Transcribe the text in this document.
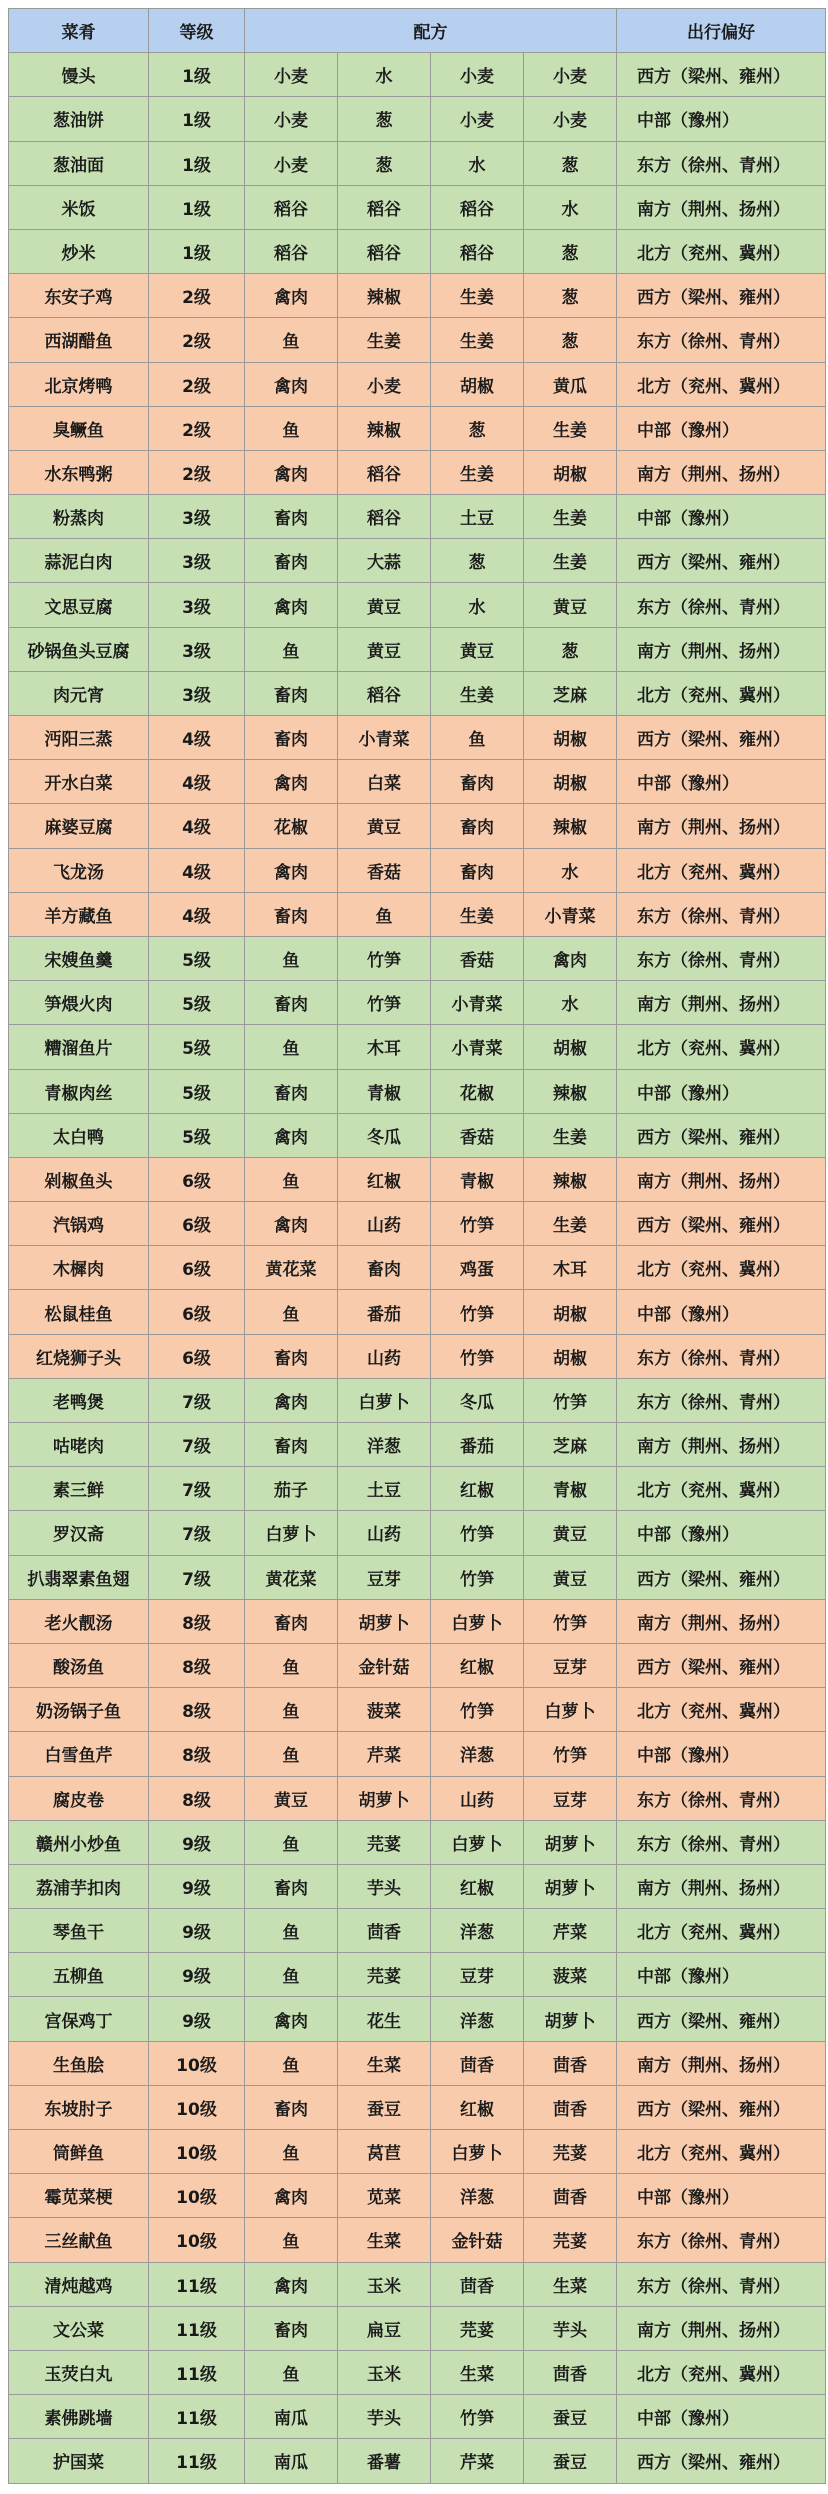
菜肴	等级	配方	出行偏好
馒头	1级	小麦	水	小麦	小麦	西方（梁州、雍州）
葱油饼	1级	小麦	葱	小麦	小麦	中部（豫州）
葱油面	1级	小麦	葱	水	葱	东方（徐州、青州）
米饭	1级	稻谷	稻谷	稻谷	水	南方（荆州、扬州）
炒米	1级	稻谷	稻谷	稻谷	葱	北方（兖州、冀州）
东安子鸡	2级	禽肉	辣椒	生姜	葱	西方（梁州、雍州）
西湖醋鱼	2级	鱼	生姜	生姜	葱	东方（徐州、青州）
北京烤鸭	2级	禽肉	小麦	胡椒	黄瓜	北方（兖州、冀州）
臭鳜鱼	2级	鱼	辣椒	葱	生姜	中部（豫州）
水东鸭粥	2级	禽肉	稻谷	生姜	胡椒	南方（荆州、扬州）
粉蒸肉	3级	畜肉	稻谷	土豆	生姜	中部（豫州）
蒜泥白肉	3级	畜肉	大蒜	葱	生姜	西方（梁州、雍州）
文思豆腐	3级	禽肉	黄豆	水	黄豆	东方（徐州、青州）
砂锅鱼头豆腐	3级	鱼	黄豆	黄豆	葱	南方（荆州、扬州）
肉元宵	3级	畜肉	稻谷	生姜	芝麻	北方（兖州、冀州）
沔阳三蒸	4级	畜肉	小青菜	鱼	胡椒	西方（梁州、雍州）
开水白菜	4级	禽肉	白菜	畜肉	胡椒	中部（豫州）
麻婆豆腐	4级	花椒	黄豆	畜肉	辣椒	南方（荆州、扬州）
飞龙汤	4级	禽肉	香菇	畜肉	水	北方（兖州、冀州）
羊方藏鱼	4级	畜肉	鱼	生姜	小青菜	东方（徐州、青州）
宋嫂鱼羹	5级	鱼	竹笋	香菇	禽肉	东方（徐州、青州）
笋煨火肉	5级	畜肉	竹笋	小青菜	水	南方（荆州、扬州）
糟溜鱼片	5级	鱼	木耳	小青菜	胡椒	北方（兖州、冀州）
青椒肉丝	5级	畜肉	青椒	花椒	辣椒	中部（豫州）
太白鸭	5级	禽肉	冬瓜	香菇	生姜	西方（梁州、雍州）
剁椒鱼头	6级	鱼	红椒	青椒	辣椒	南方（荆州、扬州）
汽锅鸡	6级	禽肉	山药	竹笋	生姜	西方（梁州、雍州）
木樨肉	6级	黄花菜	畜肉	鸡蛋	木耳	北方（兖州、冀州）
松鼠桂鱼	6级	鱼	番茄	竹笋	胡椒	中部（豫州）
红烧狮子头	6级	畜肉	山药	竹笋	胡椒	东方（徐州、青州）
老鸭煲	7级	禽肉	白萝卜	冬瓜	竹笋	东方（徐州、青州）
咕咾肉	7级	畜肉	洋葱	番茄	芝麻	南方（荆州、扬州）
素三鲜	7级	茄子	土豆	红椒	青椒	北方（兖州、冀州）
罗汉斋	7级	白萝卜	山药	竹笋	黄豆	中部（豫州）
扒翡翠素鱼翅	7级	黄花菜	豆芽	竹笋	黄豆	西方（梁州、雍州）
老火靓汤	8级	畜肉	胡萝卜	白萝卜	竹笋	南方（荆州、扬州）
酸汤鱼	8级	鱼	金针菇	红椒	豆芽	西方（梁州、雍州）
奶汤锅子鱼	8级	鱼	菠菜	竹笋	白萝卜	北方（兖州、冀州）
白雪鱼芹	8级	鱼	芹菜	洋葱	竹笋	中部（豫州）
腐皮卷	8级	黄豆	胡萝卜	山药	豆芽	东方（徐州、青州）
赣州小炒鱼	9级	鱼	芫荽	白萝卜	胡萝卜	东方（徐州、青州）
荔浦芋扣肉	9级	畜肉	芋头	红椒	胡萝卜	南方（荆州、扬州）
琴鱼干	9级	鱼	茴香	洋葱	芹菜	北方（兖州、冀州）
五柳鱼	9级	鱼	芫荽	豆芽	菠菜	中部（豫州）
宫保鸡丁	9级	禽肉	花生	洋葱	胡萝卜	西方（梁州、雍州）
生鱼脍	10级	鱼	生菜	茴香	茴香	南方（荆州、扬州）
东坡肘子	10级	畜肉	蚕豆	红椒	茴香	西方（梁州、雍州）
筒鲜鱼	10级	鱼	莴苣	白萝卜	芫荽	北方（兖州、冀州）
霉苋菜梗	10级	禽肉	苋菜	洋葱	茴香	中部（豫州）
三丝献鱼	10级	鱼	生菜	金针菇	芫荽	东方（徐州、青州）
清炖越鸡	11级	禽肉	玉米	茴香	生菜	东方（徐州、青州）
文公菜	11级	畜肉	扁豆	芫荽	芋头	南方（荆州、扬州）
玉荧白丸	11级	鱼	玉米	生菜	茴香	北方（兖州、冀州）
素佛跳墙	11级	南瓜	芋头	竹笋	蚕豆	中部（豫州）
护国菜	11级	南瓜	番薯	芹菜	蚕豆	西方（梁州、雍州）
